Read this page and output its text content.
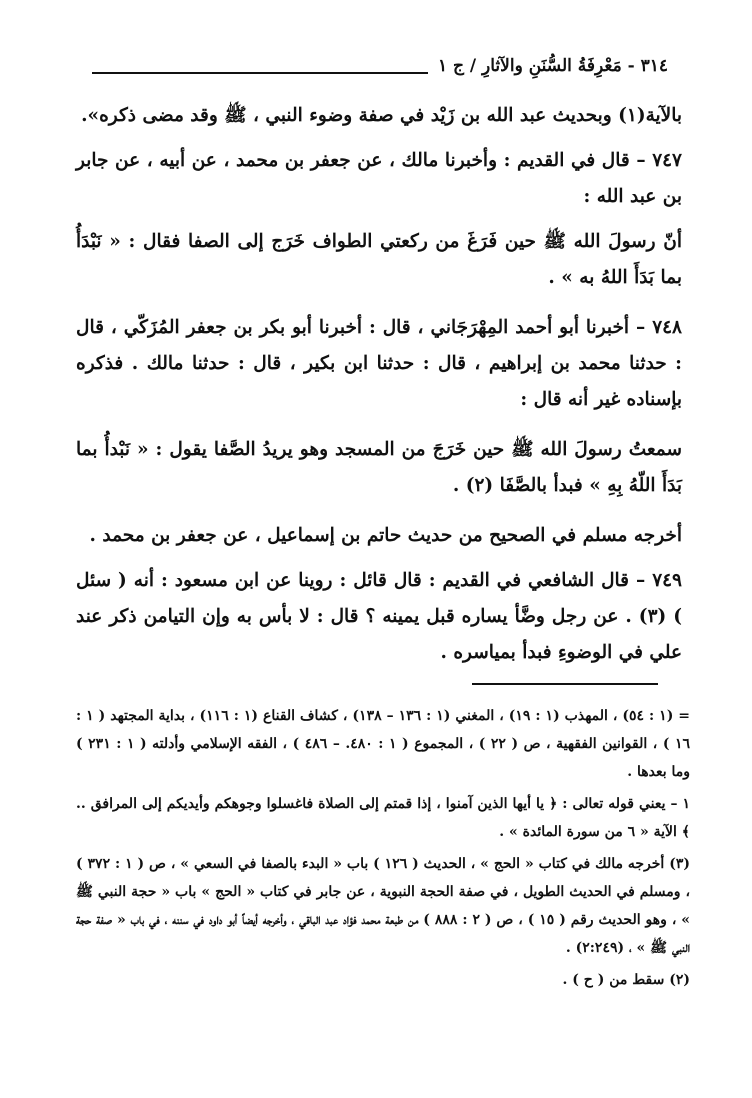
٣١٤ - مَعْرِفَةُ السُّنَنِ والآثارِ / ج ١

بالآية(١) وبحديث عبد الله بن زَيْد في صفة وضوء النبي ، ﷺ وقد مضى ذكره».

٧٤٧ – قال في القديم : وأخبرنا مالك ، عن جعفر بن محمد ، عن أبيه ، عن جابر بن عبد الله :

أنّ رسولَ الله ﷺ حين فَرَغَ من ركعتي الطواف خَرَج إلى الصفا فقال : « نَبْدَأُ بما بَدَأَ اللهُ به » .

٧٤٨ – أخبرنا أبو أحمد المِهْرَجَاني ، قال : أخبرنا أبو بكر بن جعفر المُزَكّي ، قال : حدثنا محمد بن إبراهيم ، قال : حدثنا ابن بكير ، قال : حدثنا مالك . فذكره بإسناده غير أنه قال :

سمعتُ رسولَ الله ﷺ حين خَرَجَ من المسجد وهو يريدُ الصَّفا يقول : « نَبْدأُ بما بَدَأَ اللّهُ بِهِ » فبدأ بالصَّفَا (٢) .

أخرجه مسلم في الصحيح من حديث حاتم بن إسماعيل ، عن جعفر بن محمد .

٧٤٩ – قال الشافعي في القديم : قال قائل : روينا عن ابن مسعود : أنه ( سئل ) (٣) . عن رجل وضَّأ يساره قبل يمينه ؟ قال : لا بأس به وإن التيامن ذكر عند علي في الوضوءِ فبدأ بمياسره .

= (١ : ٥٤) ، المهذب (١ : ١٩) ، المغني (١ : ١٣٦ – ١٣٨) ، كشاف القناع (١ : ١١٦) ، بداية المجتهد ( ١ : ١٦ ) ، القوانين الفقهية ، ص ( ٢٢ ) ، المجموع ( ١ : ٤٨٠. – ٤٨٦ ) ، الفقه الإسلامي وأدلته ( ١ : ٢٣١ ) وما بعدها .

١ – يعني قوله تعالى : ﴿ يا أيها الذين آمنوا ، إذا قمتم إلى الصلاة فاغسلوا وجوهكم وأيديكم إلى المرافق .. ﴾ الآية « ٦ من سورة المائدة » .

(٣) أخرجه مالك في كتاب « الحج » ، الحديث ( ١٢٦ ) باب « البدء بالصفا في السعي » ، ص ( ١ : ٣٧٢ ) ، ومسلم في الحديث الطويل ، في صفة الحجة النبوية ، عن جابر في كتاب « الحج » باب « حجة النبي ﷺ » ، وهو الحديث رقم ( ١٥ ) ، ص ( ٢ : ٨٨٨ ) من طبعة محمد فؤاد عبد الباقي ، وأخرجه أيضاً أبو داود في سننه ، في باب « صفة حجة النبي ﷺ » ، (٢:٢٤٩) .

(٢) سقط من ( ح ) .
